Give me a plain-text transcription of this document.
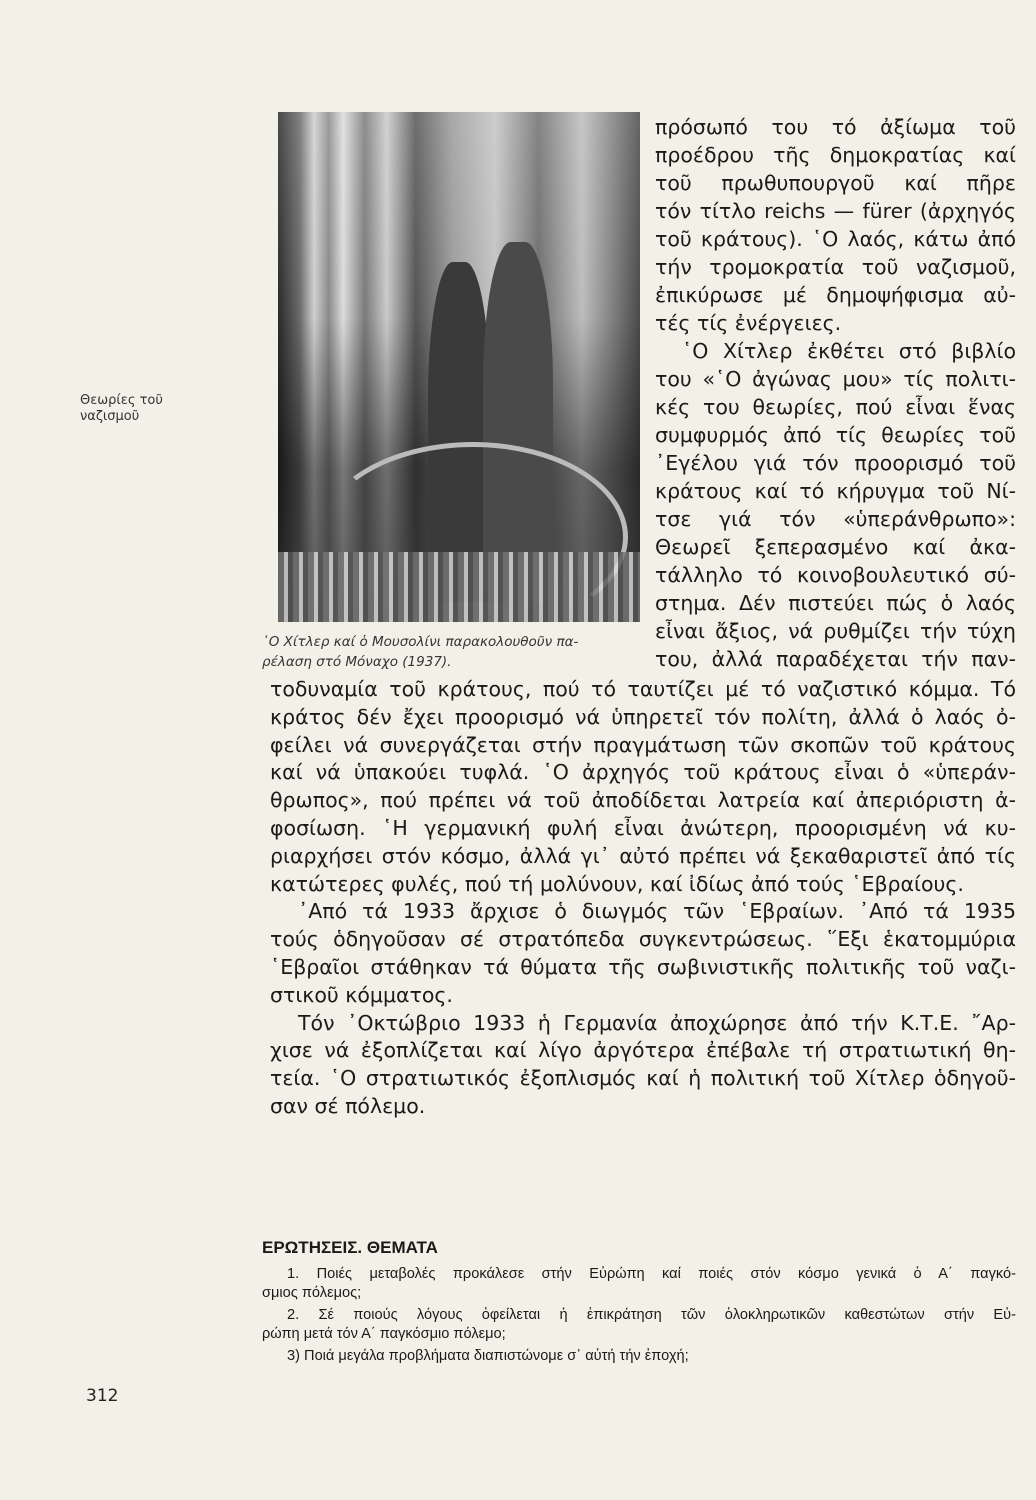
Θεωρίες τοῦ
ναζισμοῦ
῾Ο Χίτλερ καί ὁ Μουσολίνι παρακολουθοῦν πα-
ρέλαση στό Μόναχο (1937).
πρόσωπό του τό ἀξίωμα τοῦ
προέδρου τῆς δημοκρατίας καί
τοῦ πρωθυπουργοῦ καί πῆρε
τόν τίτλο reichs — fürer (ἀρχηγός
τοῦ κράτους). ῾Ο λαός, κάτω ἀπό
τήν τρομοκρατία τοῦ ναζισμοῦ,
ἐπικύρωσε μέ δημοψήφισμα αὐ-
τές τίς ἐνέργειες.
῾Ο Χίτλερ ἐκθέτει στό βιβλίο
του «῾Ο ἀγώνας μου» τίς πολιτι-
κές του θεωρίες, πού εἶναι ἕνας
συμφυρμός ἀπό τίς θεωρίες τοῦ
᾿Εγέλου γιά τόν προορισμό τοῦ
κράτους καί τό κήρυγμα τοῦ Νί-
τσε γιά τόν «ὑπεράνθρωπο»:
Θεωρεῖ ξεπερασμένο καί ἀκα-
τάλληλο τό κοινοβουλευτικό σύ-
στημα. Δέν πιστεύει πώς ὁ λαός
εἶναι ἄξιος, νά ρυθμίζει τήν τύχη
του, ἀλλά παραδέχεται τήν παν-
τοδυναμία τοῦ κράτους, πού τό ταυτίζει μέ τό ναζιστικό κόμμα. Τό
κράτος δέν ἔχει προορισμό νά ὑπηρετεῖ τόν πολίτη, ἀλλά ὁ λαός ὀ-
φείλει νά συνεργάζεται στήν πραγμάτωση τῶν σκοπῶν τοῦ κράτους
καί νά ὑπακούει τυφλά. ῾Ο ἀρχηγός τοῦ κράτους εἶναι ὁ «ὑπεράν-
θρωπος», πού πρέπει νά τοῦ ἀποδίδεται λατρεία καί ἀπεριόριστη ἀ-
φοσίωση. ῾Η γερμανική φυλή εἶναι ἀνώτερη, προορισμένη νά κυ-
ριαρχήσει στόν κόσμο, ἀλλά γι᾿ αὐτό πρέπει νά ξεκαθαριστεῖ ἀπό τίς
κατώτερες φυλές, πού τή μολύνουν, καί ἰδίως ἀπό τούς ῾Εβραίους.
᾿Από τά 1933 ἄρχισε ὁ διωγμός τῶν ῾Εβραίων. ᾿Από τά 1935
τούς ὁδηγοῦσαν σέ στρατόπεδα συγκεντρώσεως. ῞Εξι ἑκατομμύρια
῾Εβραῖοι στάθηκαν τά θύματα τῆς σωβινιστικῆς πολιτικῆς τοῦ ναζι-
στικοῦ κόμματος.
Τόν ᾿Οκτώβριο 1933 ἡ Γερμανία ἀποχώρησε ἀπό τήν Κ.Τ.Ε. ῎Αρ-
χισε νά ἐξοπλίζεται καί λίγο ἀργότερα ἐπέβαλε τή στρατιωτική θη-
τεία. ῾Ο στρατιωτικός ἐξοπλισμός καί ἡ πολιτική τοῦ Χίτλερ ὁδηγοῦ-
σαν σέ πόλεμο.
ΕΡΩΤΗΣΕΙΣ. ΘΕΜΑΤΑ
1. Ποιές μεταβολές προκάλεσε στήν Εὐρώπη καί ποιές στόν κόσμο γενικά ὁ Α΄ παγκό-
σμιος πόλεμος;
2. Σέ ποιούς λόγους ὀφείλεται ἡ ἐπικράτηση τῶν ὁλοκληρωτικῶν καθεστώτων στήν Εὐ-
ρώπη μετά τόν Α΄ παγκόσμιο πόλεμο;
3) Ποιά μεγάλα προβλήματα διαπιστώνομε σ᾿ αὐτή τήν ἐποχή;
312
